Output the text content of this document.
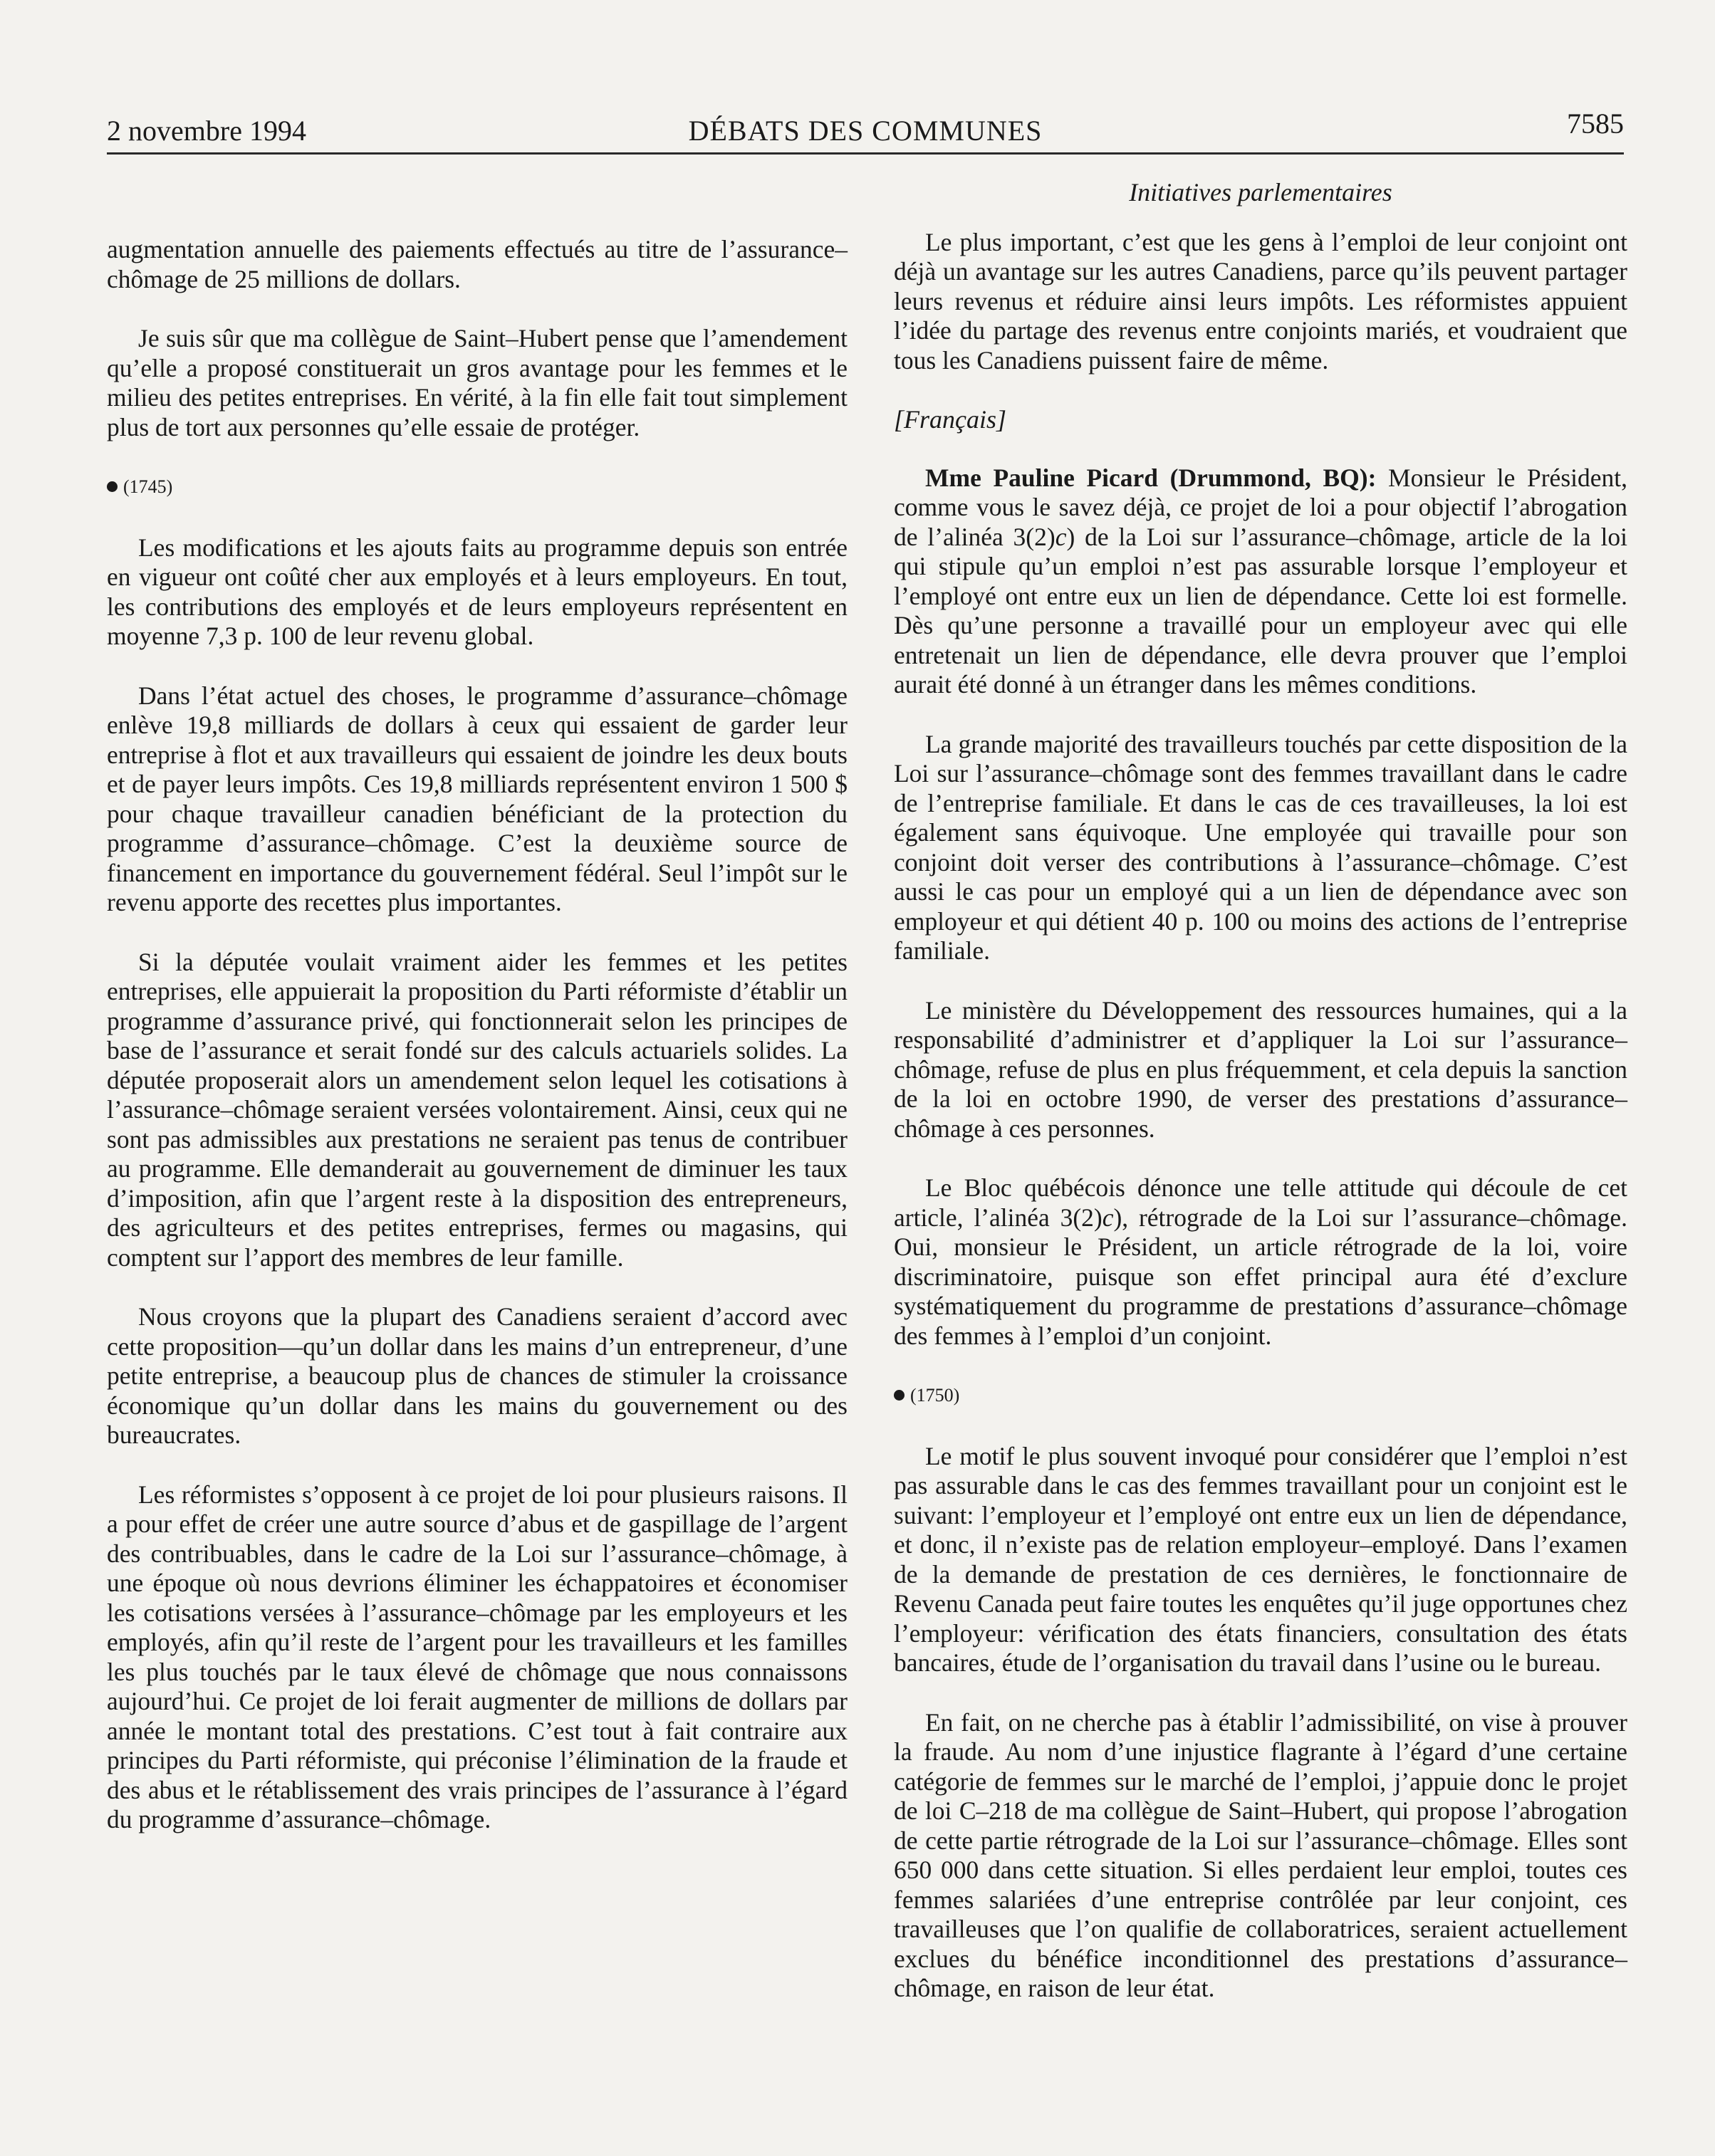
2 novembre 1994	DÉBATS DES COMMUNES	7585

augmentation annuelle des paiements effectués au titre de l’assurance–chômage de 25 millions de dollars.

Je suis sûr que ma collègue de Saint–Hubert pense que l’amendement qu’elle a proposé constituerait un gros avantage pour les femmes et le milieu des petites entreprises. En vérité, à la fin elle fait tout simplement plus de tort aux personnes qu’elle essaie de protéger.

(1745)

Les modifications et les ajouts faits au programme depuis son entrée en vigueur ont coûté cher aux employés et à leurs employeurs. En tout, les contributions des employés et de leurs employeurs représentent en moyenne 7,3 p. 100 de leur revenu global.

Dans l’état actuel des choses, le programme d’assurance–chômage enlève 19,8 milliards de dollars à ceux qui essaient de garder leur entreprise à flot et aux travailleurs qui essaient de joindre les deux bouts et de payer leurs impôts. Ces 19,8 milliards représentent environ 1 500 $ pour chaque travailleur canadien bénéficiant de la protection du programme d’assurance–chômage. C’est la deuxième source de financement en importance du gouvernement fédéral. Seul l’impôt sur le revenu apporte des recettes plus importantes.

Si la députée voulait vraiment aider les femmes et les petites entreprises, elle appuierait la proposition du Parti réformiste d’établir un programme d’assurance privé, qui fonctionnerait selon les principes de base de l’assurance et serait fondé sur des calculs actuariels solides. La députée proposerait alors un amendement selon lequel les cotisations à l’assurance–chômage seraient versées volontairement. Ainsi, ceux qui ne sont pas admissibles aux prestations ne seraient pas tenus de contribuer au programme. Elle demanderait au gouvernement de diminuer les taux d’imposition, afin que l’argent reste à la disposition des entrepreneurs, des agriculteurs et des petites entreprises, fermes ou magasins, qui comptent sur l’apport des membres de leur famille.

Nous croyons que la plupart des Canadiens seraient d’accord avec cette proposition—qu’un dollar dans les mains d’un entrepreneur, d’une petite entreprise, a beaucoup plus de chances de stimuler la croissance économique qu’un dollar dans les mains du gouvernement ou des bureaucrates.

Les réformistes s’opposent à ce projet de loi pour plusieurs raisons. Il a pour effet de créer une autre source d’abus et de gaspillage de l’argent des contribuables, dans le cadre de la Loi sur l’assurance–chômage, à une époque où nous devrions éliminer les échappatoires et économiser les cotisations versées à l’assurance–chômage par les employeurs et les employés, afin qu’il reste de l’argent pour les travailleurs et les familles les plus touchés par le taux élevé de chômage que nous connaissons aujourd’hui. Ce projet de loi ferait augmenter de millions de dollars par année le montant total des prestations. C’est tout à fait contraire aux principes du Parti réformiste, qui préconise l’élimination de la fraude et des abus et le rétablissement des vrais principes de l’assurance à l’égard du programme d’assurance–chômage.

Initiatives parlementaires

Le plus important, c’est que les gens à l’emploi de leur conjoint ont déjà un avantage sur les autres Canadiens, parce qu’ils peuvent partager leurs revenus et réduire ainsi leurs impôts. Les réformistes appuient l’idée du partage des revenus entre conjoints mariés, et voudraient que tous les Canadiens puissent faire de même.

[Français]

Mme Pauline Picard (Drummond, BQ): Monsieur le Président, comme vous le savez déjà, ce projet de loi a pour objectif l’abrogation de l’alinéa 3(2)c) de la Loi sur l’assurance–chômage, article de la loi qui stipule qu’un emploi n’est pas assurable lorsque l’employeur et l’employé ont entre eux un lien de dépendance. Cette loi est formelle. Dès qu’une personne a travaillé pour un employeur avec qui elle entretenait un lien de dépendance, elle devra prouver que l’emploi aurait été donné à un étranger dans les mêmes conditions.

La grande majorité des travailleurs touchés par cette disposition de la Loi sur l’assurance–chômage sont des femmes travaillant dans le cadre de l’entreprise familiale. Et dans le cas de ces travailleuses, la loi est également sans équivoque. Une employée qui travaille pour son conjoint doit verser des contributions à l’assurance–chômage. C’est aussi le cas pour un employé qui a un lien de dépendance avec son employeur et qui détient 40 p. 100 ou moins des actions de l’entreprise familiale.

Le ministère du Développement des ressources humaines, qui a la responsabilité d’administrer et d’appliquer la Loi sur l’assurance–chômage, refuse de plus en plus fréquemment, et cela depuis la sanction de la loi en octobre 1990, de verser des prestations d’assurance–chômage à ces personnes.

Le Bloc québécois dénonce une telle attitude qui découle de cet article, l’alinéa 3(2)c), rétrograde de la Loi sur l’assurance–chômage. Oui, monsieur le Président, un article rétrograde de la loi, voire discriminatoire, puisque son effet principal aura été d’exclure systématiquement du programme de prestations d’assurance–chômage des femmes à l’emploi d’un conjoint.

(1750)

Le motif le plus souvent invoqué pour considérer que l’emploi n’est pas assurable dans le cas des femmes travaillant pour un conjoint est le suivant: l’employeur et l’employé ont entre eux un lien de dépendance, et donc, il n’existe pas de relation employeur–employé. Dans l’examen de la demande de prestation de ces dernières, le fonctionnaire de Revenu Canada peut faire toutes les enquêtes qu’il juge opportunes chez l’employeur: vérification des états financiers, consultation des états bancaires, étude de l’organisation du travail dans l’usine ou le bureau.

En fait, on ne cherche pas à établir l’admissibilité, on vise à prouver la fraude. Au nom d’une injustice flagrante à l’égard d’une certaine catégorie de femmes sur le marché de l’emploi, j’appuie donc le projet de loi C–218 de ma collègue de Saint–Hubert, qui propose l’abrogation de cette partie rétrograde de la Loi sur l’assurance–chômage. Elles sont 650 000 dans cette situation. Si elles perdaient leur emploi, toutes ces femmes salariées d’une entreprise contrôlée par leur conjoint, ces travailleuses que l’on qualifie de collaboratrices, seraient actuellement exclues du bénéfice inconditionnel des prestations d’assurance–chômage, en raison de leur état.
